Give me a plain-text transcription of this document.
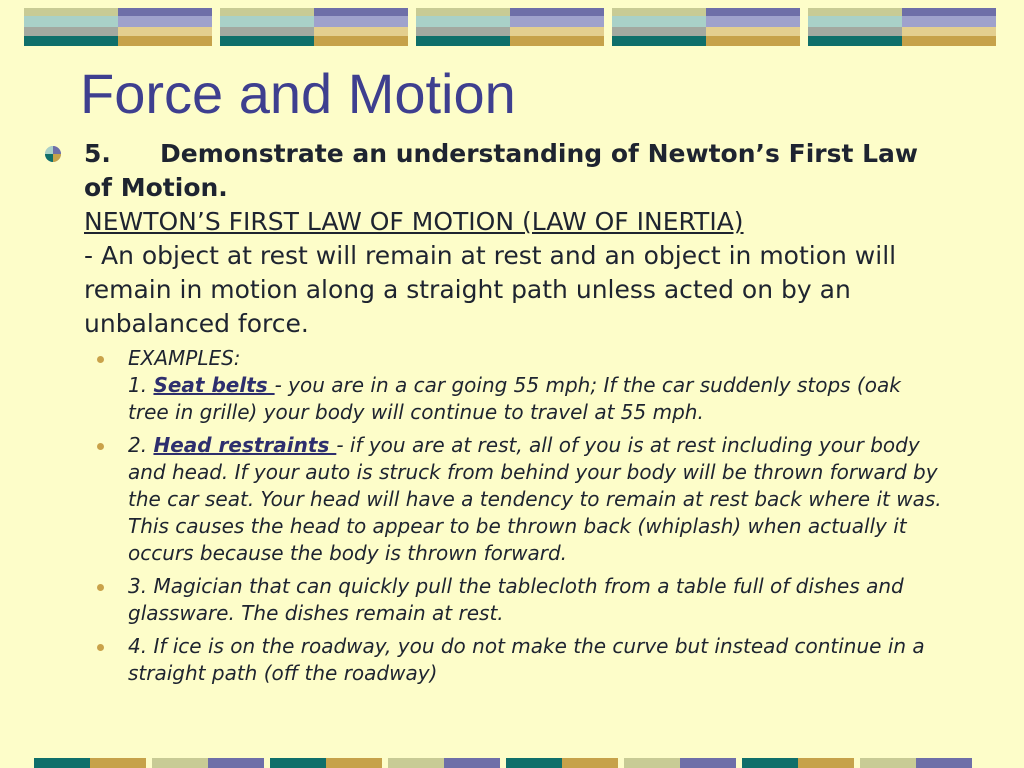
Force and Motion
5. Demonstrate an understanding of Newton’s First Law of Motion.
NEWTON’S FIRST LAW OF MOTION (LAW OF INERTIA)
- An object at rest will remain at rest and an object in motion will remain in motion along a straight path unless acted on by an unbalanced force.
EXAMPLES:
1. Seat belts - you are in a car going 55 mph; If the car suddenly stops (oak tree in grille) your body will continue to travel at 55 mph.
2. Head restraints - if you are at rest, all of you is at rest including your body and head. If your auto is struck from behind your body will be thrown forward by the car seat. Your head will have a tendency to remain at rest back where it was. This causes the head to appear to be thrown back (whiplash) when actually it occurs because the body is thrown forward.
3. Magician that can quickly pull the tablecloth from a table full of dishes and glassware. The dishes remain at rest.
4. If ice is on the roadway, you do not make the curve but instead continue in a straight path (off the roadway)
